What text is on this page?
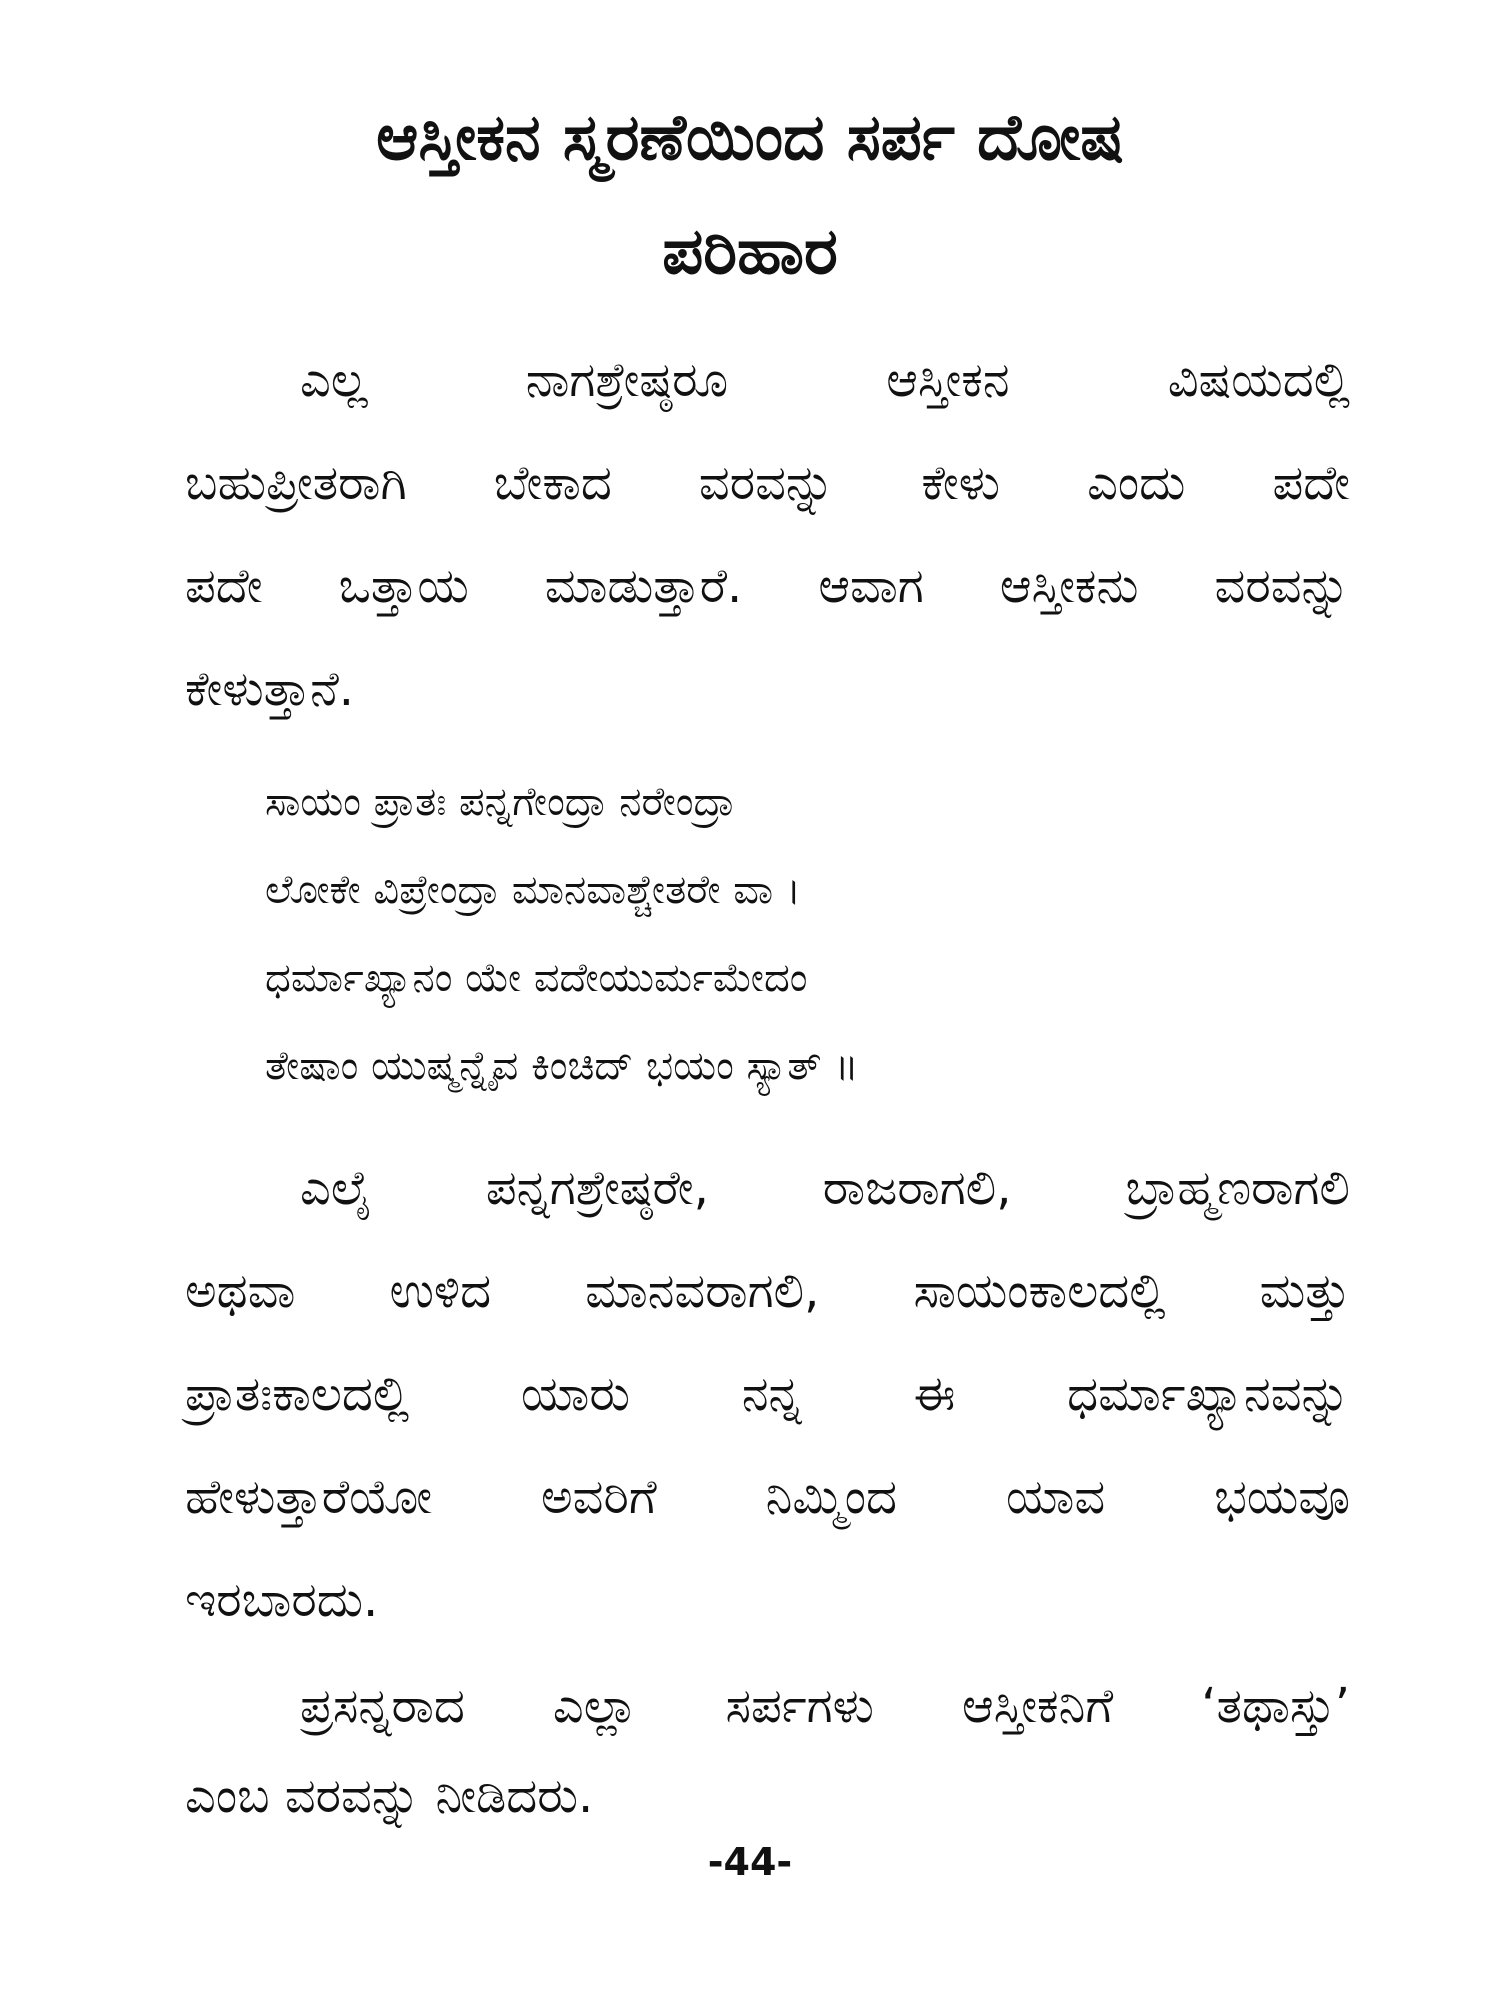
ಆಸ್ತೀಕನ ಸ್ಮರಣೆಯಿಂದ ಸರ್ಪ ದೋಷ
ಪರಿಹಾರ

ಎಲ್ಲ ನಾಗಶ್ರೇಷ್ಠರೂ ಆಸ್ತೀಕನ ವಿಷಯದಲ್ಲಿ

ಬಹುಪ್ರೀತರಾಗಿ ಬೇಕಾದ ವರವನ್ನು ಕೇಳು ಎಂದು ಪದೇ

ಪದೇ ಒತ್ತಾಯ ಮಾಡುತ್ತಾರೆ. ಆವಾಗ ಆಸ್ತೀಕನು ವರವನ್ನು

ಕೇಳುತ್ತಾನೆ.

ಸಾಯಂ ಪ್ರಾತಃ ಪನ್ನಗೇಂದ್ರಾ ನರೇಂದ್ರಾ

ಲೋಕೇ ವಿಪ್ರೇಂದ್ರಾ ಮಾನವಾಶ್ಚೇತರೇ ವಾ ।

ಧರ್ಮಾಖ್ಯಾನಂ ಯೇ ವದೇಯುರ್ಮಮೇದಂ

ತೇಷಾಂ ಯುಷ್ಮನ್ನೈವ ಕಿಂಚಿದ್ ಭಯಂ ಸ್ಯಾತ್ ॥

ಎಲೈ ಪನ್ನಗಶ್ರೇಷ್ಠರೇ, ರಾಜರಾಗಲಿ, ಬ್ರಾಹ್ಮಣರಾಗಲಿ

ಅಥವಾ ಉಳಿದ ಮಾನವರಾಗಲಿ, ಸಾಯಂಕಾಲದಲ್ಲಿ ಮತ್ತು

ಪ್ರಾತಃಕಾಲದಲ್ಲಿ ಯಾರು ನನ್ನ ಈ ಧರ್ಮಾಖ್ಯಾನವನ್ನು

ಹೇಳುತ್ತಾರೆಯೋ ಅವರಿಗೆ ನಿಮ್ಮಿಂದ ಯಾವ ಭಯವೂ

ಇರಬಾರದು.

ಪ್ರಸನ್ನರಾದ ಎಲ್ಲಾ ಸರ್ಪಗಳು ಆಸ್ತೀಕನಿಗೆ ‘ತಥಾಸ್ತು’

ಎಂಬ ವರವನ್ನು ನೀಡಿದರು.

-44-
